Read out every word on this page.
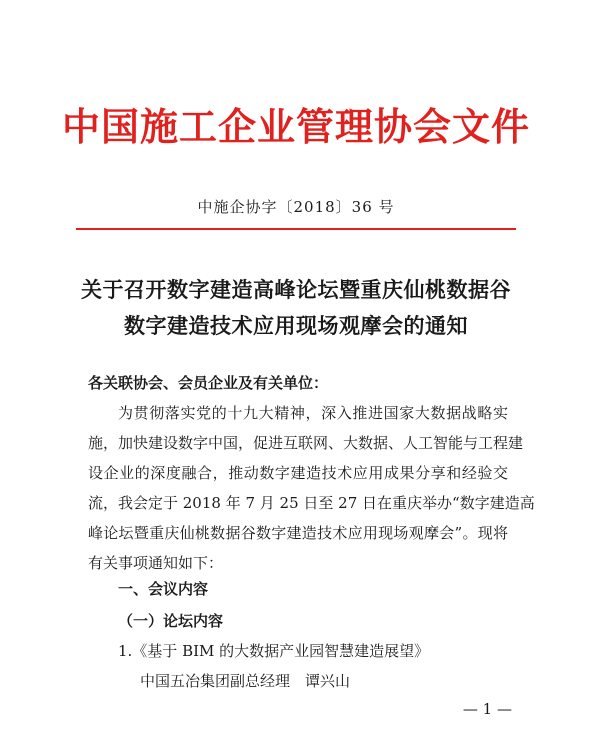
中国施工企业管理协会文件
中施企协字〔2018〕36 号
关于召开数字建造高峰论坛暨重庆仙桃数据谷
数字建造技术应用现场观摩会的通知
各关联协会、会员企业及有关单位：
为贯彻落实党的十九大精神，深入推进国家大数据战略实
施，加快建设数字中国，促进互联网、大数据、人工智能与工程建
设企业的深度融合，推动数字建造技术应用成果分享和经验交
流，我会定于 2018 年 7 月 25 日至 27 日在重庆举办“数字建造高
峰论坛暨重庆仙桃数据谷数字建造技术应用现场观摩会”。现将
有关事项通知如下：
一、会议内容
（一）论坛内容
1.《基于 BIM 的大数据产业园智慧建造展望》
中国五冶集团副总经理　谭兴山
— 1 —
